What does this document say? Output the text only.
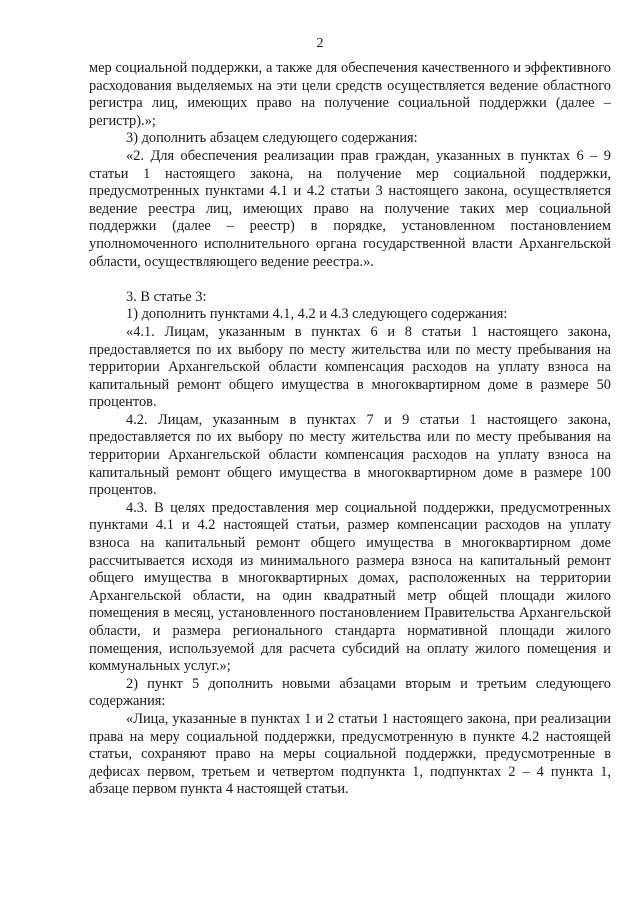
2

мер социальной поддержки, а также для обеспечения качественного и эффективного расходования выделяемых на эти цели средств осуществляется ведение областного регистра лиц, имеющих право на получение социальной поддержки (далее – регистр).»;

3) дополнить абзацем следующего содержания:

«2. Для обеспечения реализации прав граждан, указанных в пунктах 6 – 9 статьи 1 настоящего закона, на получение мер социальной поддержки, предусмотренных пунктами 4.1 и 4.2 статьи 3 настоящего закона, осуществляется ведение реестра лиц, имеющих право на получение таких мер социальной поддержки (далее – реестр) в порядке, установленном постановлением уполномоченного исполнительного органа государственной власти Архангельской области, осуществляющего ведение реестра.».

3. В статье 3:

1) дополнить пунктами 4.1, 4.2 и 4.3 следующего содержания:

«4.1. Лицам, указанным в пунктах 6 и 8 статьи 1 настоящего закона, предоставляется по их выбору по месту жительства или по месту пребывания на территории Архангельской области компенсация расходов на уплату взноса на капитальный ремонт общего имущества в многоквартирном доме в размере 50 процентов.

4.2. Лицам, указанным в пунктах 7 и 9 статьи 1 настоящего закона, предоставляется по их выбору по месту жительства или по месту пребывания на территории Архангельской области компенсация расходов на уплату взноса на капитальный ремонт общего имущества в многоквартирном доме в размере 100 процентов.

4.3. В целях предоставления мер социальной поддержки, предусмотренных пунктами 4.1 и 4.2 настоящей статьи, размер компенсации расходов на уплату взноса на капитальный ремонт общего имущества в многоквартирном доме рассчитывается исходя из минимального размера взноса на капитальный ремонт общего имущества в многоквартирных домах, расположенных на территории Архангельской области, на один квадратный метр общей площади жилого помещения в месяц, установленного постановлением Правительства Архангельской области, и размера регионального стандарта нормативной площади жилого помещения, используемой для расчета субсидий на оплату жилого помещения и коммунальных услуг.»;

2) пункт 5 дополнить новыми абзацами вторым и третьим следующего содержания:

«Лица, указанные в пунктах 1 и 2 статьи 1 настоящего закона, при реализации права на меру социальной поддержки, предусмотренную в пункте 4.2 настоящей статьи, сохраняют право на меры социальной поддержки, предусмотренные в дефисах первом, третьем и четвертом подпункта 1, подпунктах 2 – 4 пункта 1, абзаце первом пункта 4 настоящей статьи.
